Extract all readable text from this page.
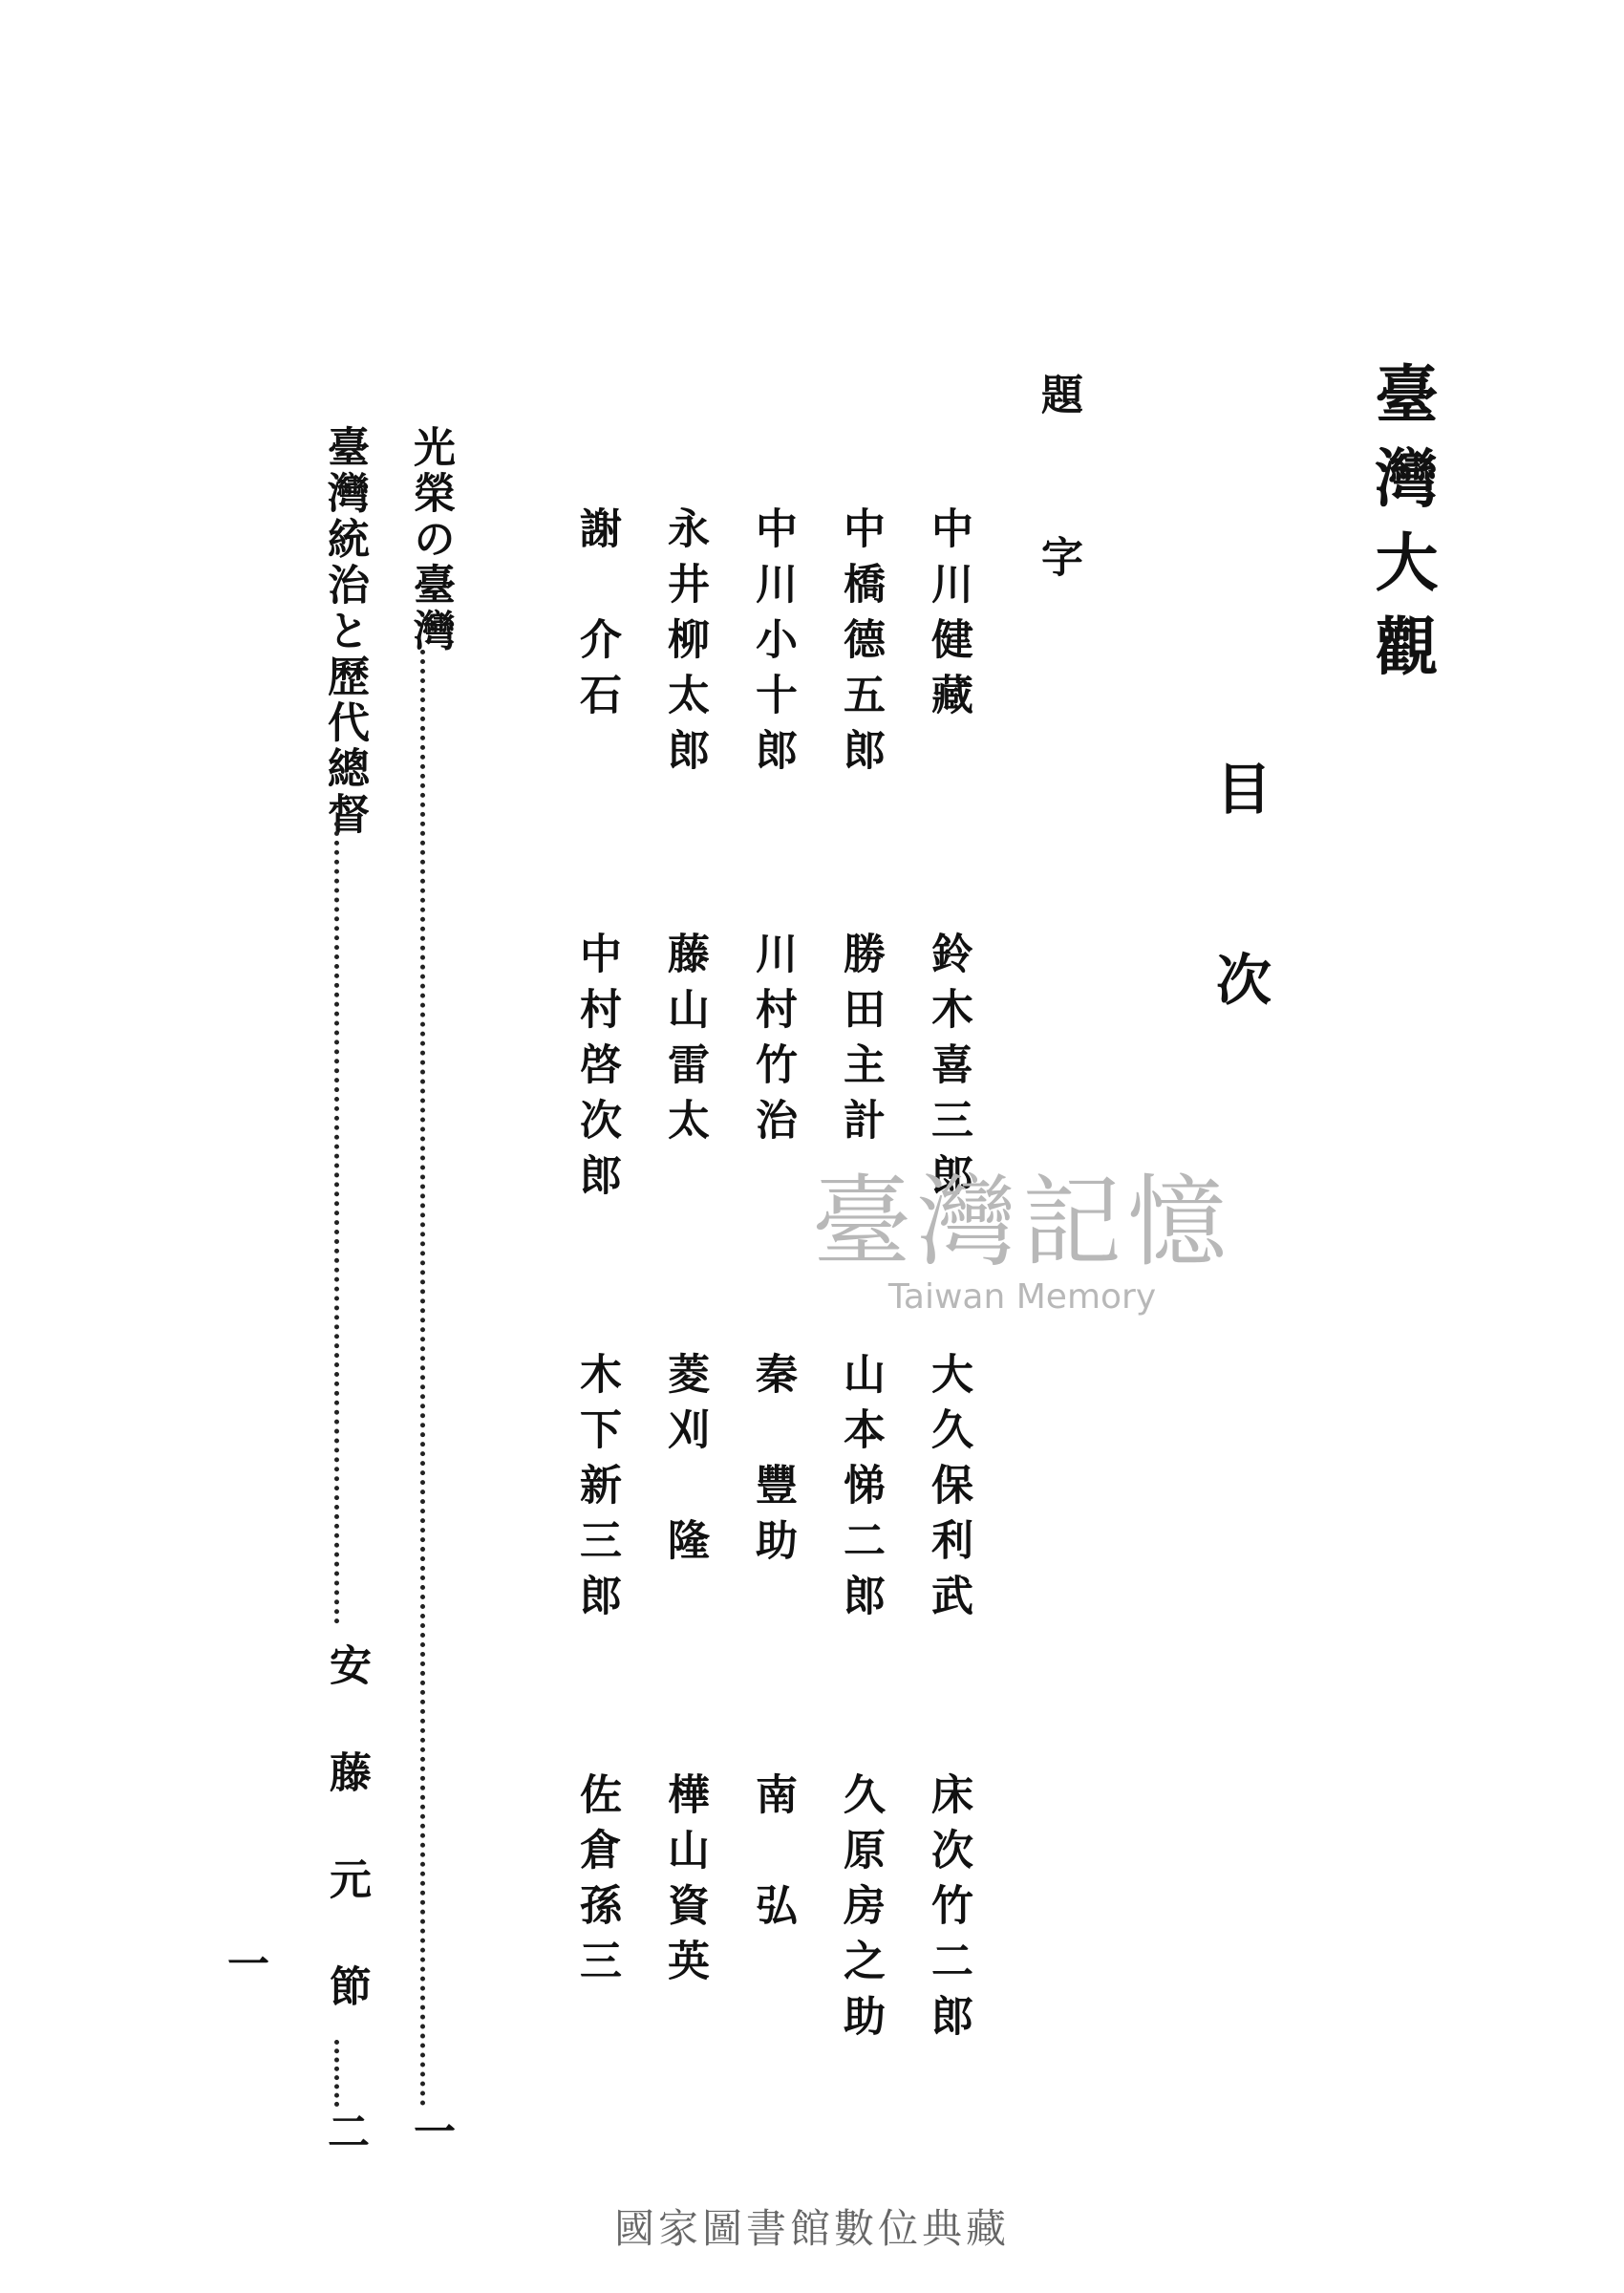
臺灣大觀
目
次
題
字
中川健藏
鈴木喜三郎
大久保利武
床次竹二郎
中橋德五郎
勝田主計
山本悌二郎
久原房之助
中川小十郎
川村竹治
秦　豐助
南　弘
永井柳太郎
藤山雷太
菱刈　隆
樺山資英
謝　介石
中村啓次郎
木下新三郎
佐倉孫三
光榮の臺灣
一
臺灣統治と歷代總督
安藤元節
二
一
臺灣記憶
Taiwan Memory
國家圖書館數位典藏
